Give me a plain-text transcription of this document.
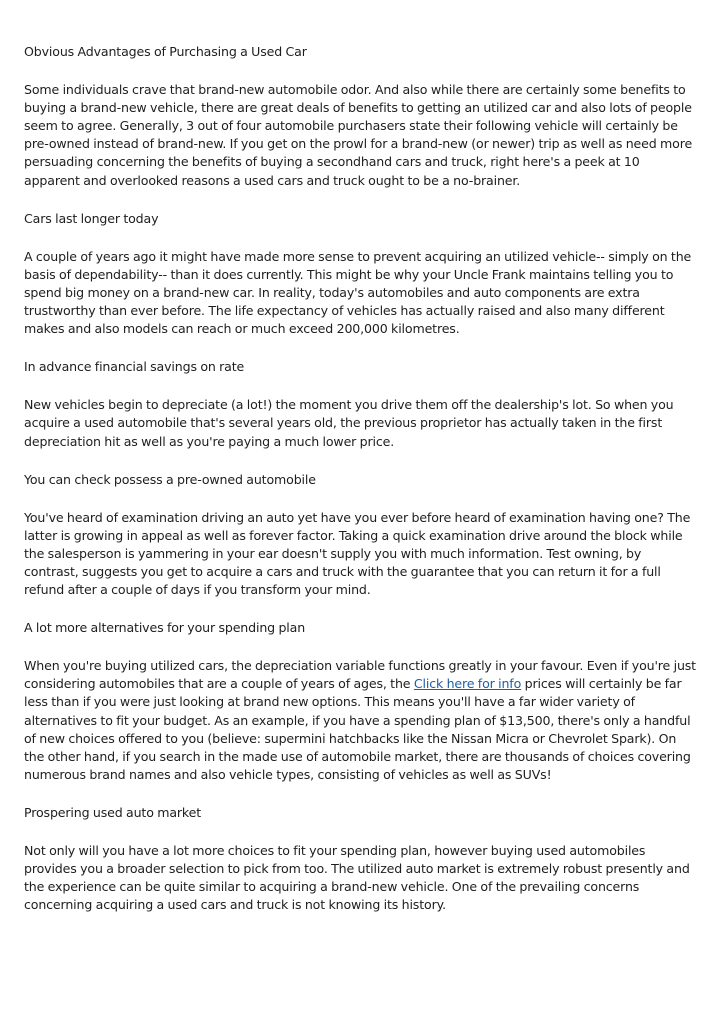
Obvious Advantages of Purchasing a Used Car

Some individuals crave that brand-new automobile odor. And also while there are certainly some benefits to buying a brand-new vehicle, there are great deals of benefits to getting an utilized car and also lots of people seem to agree. Generally, 3 out of four automobile purchasers state their following vehicle will certainly be pre-owned instead of brand-new. If you get on the prowl for a brand-new (or newer) trip as well as need more persuading concerning the benefits of buying a secondhand cars and truck, right here's a peek at 10 apparent and overlooked reasons a used cars and truck ought to be a no-brainer.

Cars last longer today

A couple of years ago it might have made more sense to prevent acquiring an utilized vehicle-- simply on the basis of dependability-- than it does currently. This might be why your Uncle Frank maintains telling you to spend big money on a brand-new car. In reality, today's automobiles and auto components are extra trustworthy than ever before. The life expectancy of vehicles has actually raised and also many different makes and also models can reach or much exceed 200,000 kilometres.

In advance financial savings on rate

New vehicles begin to depreciate (a lot!) the moment you drive them off the dealership's lot. So when you acquire a used automobile that's several years old, the previous proprietor has actually taken in the first depreciation hit as well as you're paying a much lower price.

You can check possess a pre-owned automobile

You've heard of examination driving an auto yet have you ever before heard of examination having one? The latter is growing in appeal as well as forever factor. Taking a quick examination drive around the block while the salesperson is yammering in your ear doesn't supply you with much information. Test owning, by contrast, suggests you get to acquire a cars and truck with the guarantee that you can return it for a full refund after a couple of days if you transform your mind.

A lot more alternatives for your spending plan

When you're buying utilized cars, the depreciation variable functions greatly in your favour. Even if you're just considering automobiles that are a couple of years of ages, the Click here for info prices will certainly be far less than if you were just looking at brand new options. This means you'll have a far wider variety of alternatives to fit your budget. As an example, if you have a spending plan of $13,500, there's only a handful of new choices offered to you (believe: supermini hatchbacks like the Nissan Micra or Chevrolet Spark). On the other hand, if you search in the made use of automobile market, there are thousands of choices covering numerous brand names and also vehicle types, consisting of vehicles as well as SUVs!

Prospering used auto market

Not only will you have a lot more choices to fit your spending plan, however buying used automobiles provides you a broader selection to pick from too. The utilized auto market is extremely robust presently and the experience can be quite similar to acquiring a brand-new vehicle. One of the prevailing concerns concerning acquiring a used cars and truck is not knowing its history.
